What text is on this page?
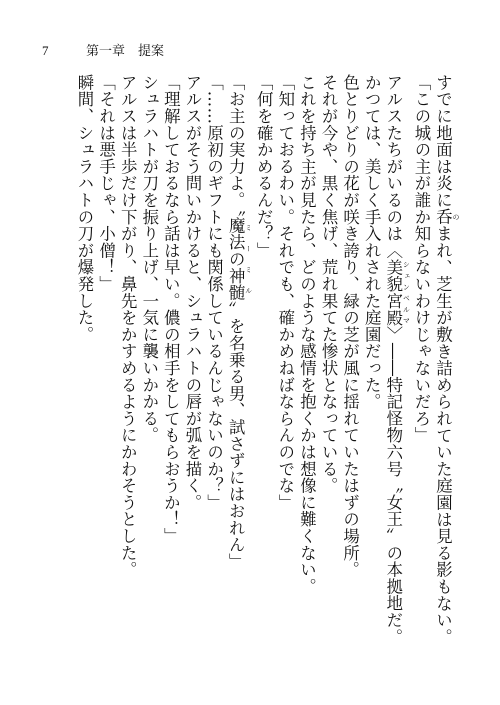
7	第一章　提案
すでに地面は炎に呑 のまれ、芝生が敷き詰められていた庭園は見る影もない。
「この城の主が誰か知らないわけじゃないだろ」
アルスたちがいるのは〈美貌宮殿 シェンベルマ〉――特記怪物六号〝女王〟の本拠地だ。
かつては、美しく手入れされた庭園だった。
色とりどりの花が咲き誇り、緑の芝が風に揺れていたはずの場所。
それが今や、黒く焦げ、荒れ果てた惨状となっている。
これを持ち主が見たら、どのような感情を抱くかは想像に難くない。
「知っておるわい。それでも、確かめねばならんのでな」
「何を確かめるんだ？」
「お主の実力よ。〝魔法の神髄 ミーミル〟を名乗る男、試さずにはおれん」
「……原初のギフトにも関係しているんじゃないのか？」
アルスがそう問いかけると、シュラハトの唇が弧を描く。
「理解しておるなら話は早い。儂の相手をしてもらおうか！」
シュラハトが刀を振り上げ、一気に襲いかかる。
アルスは半歩だけ下がり、鼻先をかすめるようにかわそうとした。
「それは悪手じゃ、小僧！」
瞬間、シュラハトの刀が爆発した。
